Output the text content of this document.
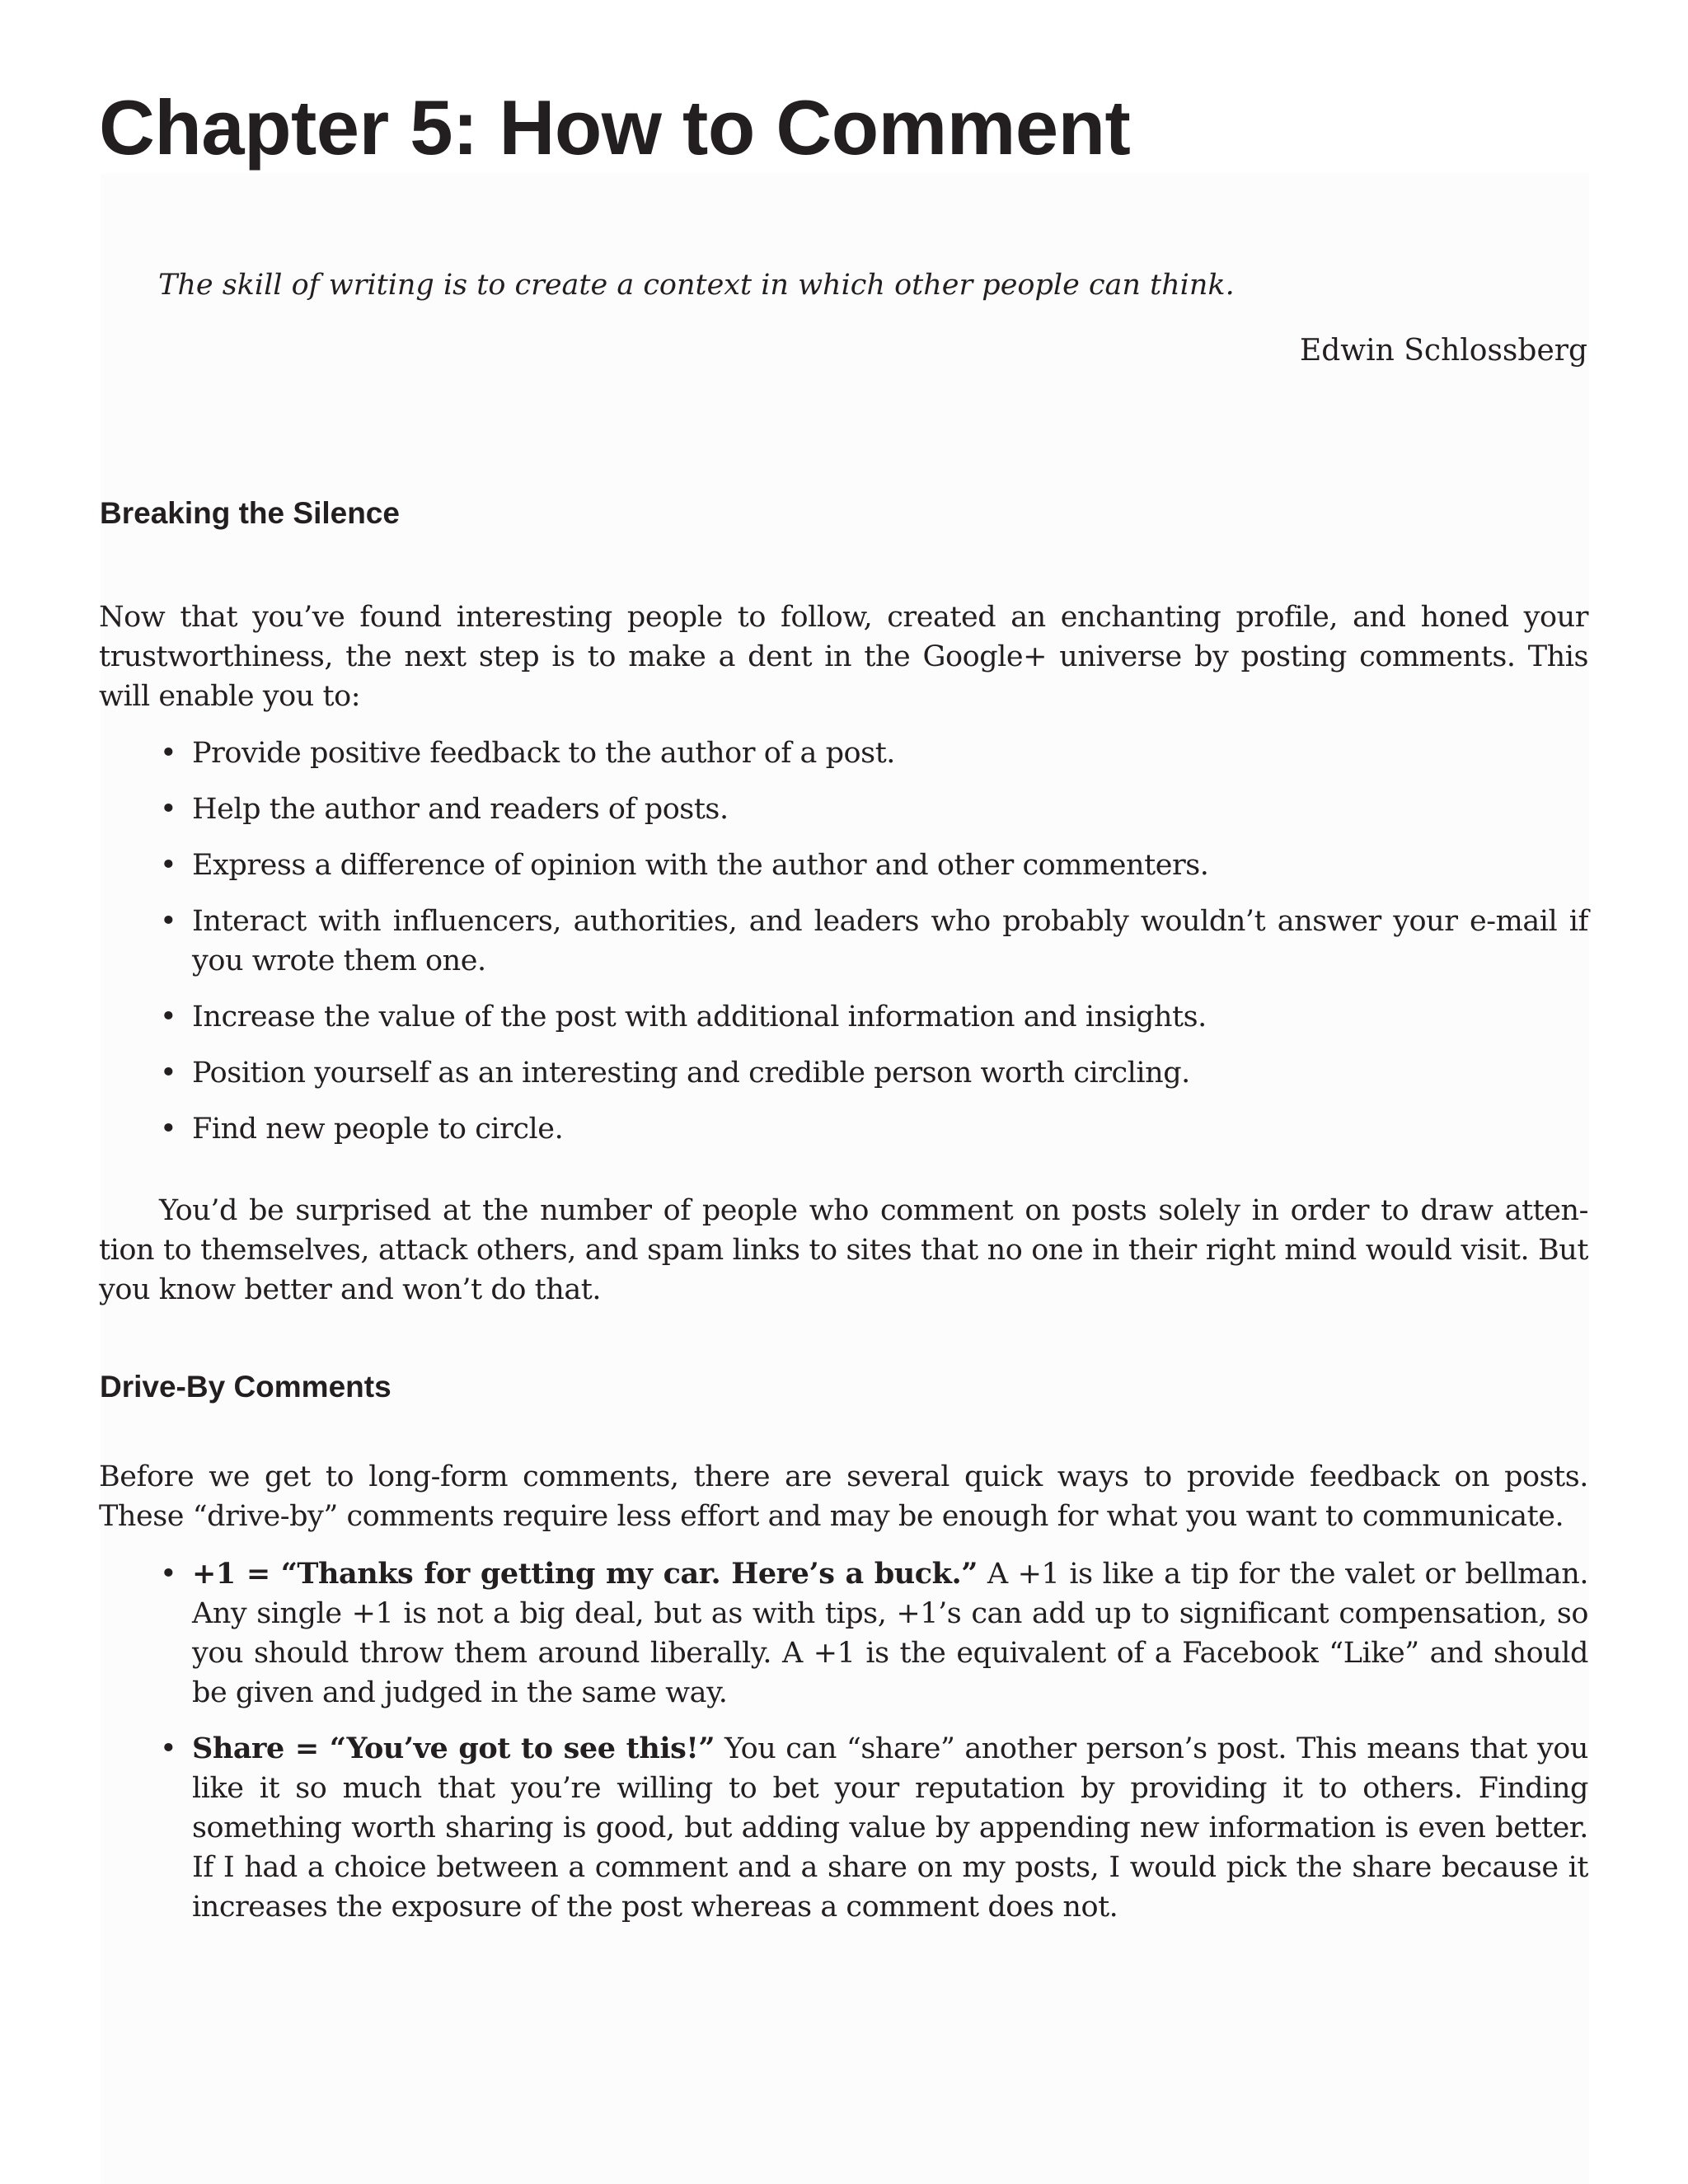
Chapter 5: How to Comment

The skill of writing is to create a context in which other people can think.

Edwin Schlossberg

Breaking the Silence

Now that you’ve found interesting people to follow, created an enchanting profile, and honed your trustworthiness, the next step is to make a dent in the Google+ universe by posting comments. This will enable you to:

• Provide positive feedback to the author of a post.
• Help the author and readers of posts.
• Express a difference of opinion with the author and other commenters.
• Interact with influencers, authorities, and leaders who probably wouldn’t answer your e-mail if you wrote them one.
• Increase the value of the post with additional information and insights.
• Position yourself as an interesting and credible person worth circling.
• Find new people to circle.

You’d be surprised at the number of people who comment on posts solely in order to draw atten-tion to themselves, attack others, and spam links to sites that no one in their right mind would visit. But you know better and won’t do that.

Drive-By Comments

Before we get to long-form comments, there are several quick ways to provide feedback on posts. These “drive-by” comments require less effort and may be enough for what you want to communicate.

• +1 = “Thanks for getting my car. Here’s a buck.” A +1 is like a tip for the valet or bellman. Any single +1 is not a big deal, but as with tips, +1’s can add up to significant compensation, so you should throw them around liberally. A +1 is the equivalent of a Facebook “Like” and should be given and judged in the same way.
• Share = “You’ve got to see this!” You can “share” another person’s post. This means that you like it so much that you’re willing to bet your reputation by providing it to others. Finding something worth sharing is good, but adding value by appending new information is even better. If I had a choice between a comment and a share on my posts, I would pick the share because it increases the exposure of the post whereas a comment does not.
